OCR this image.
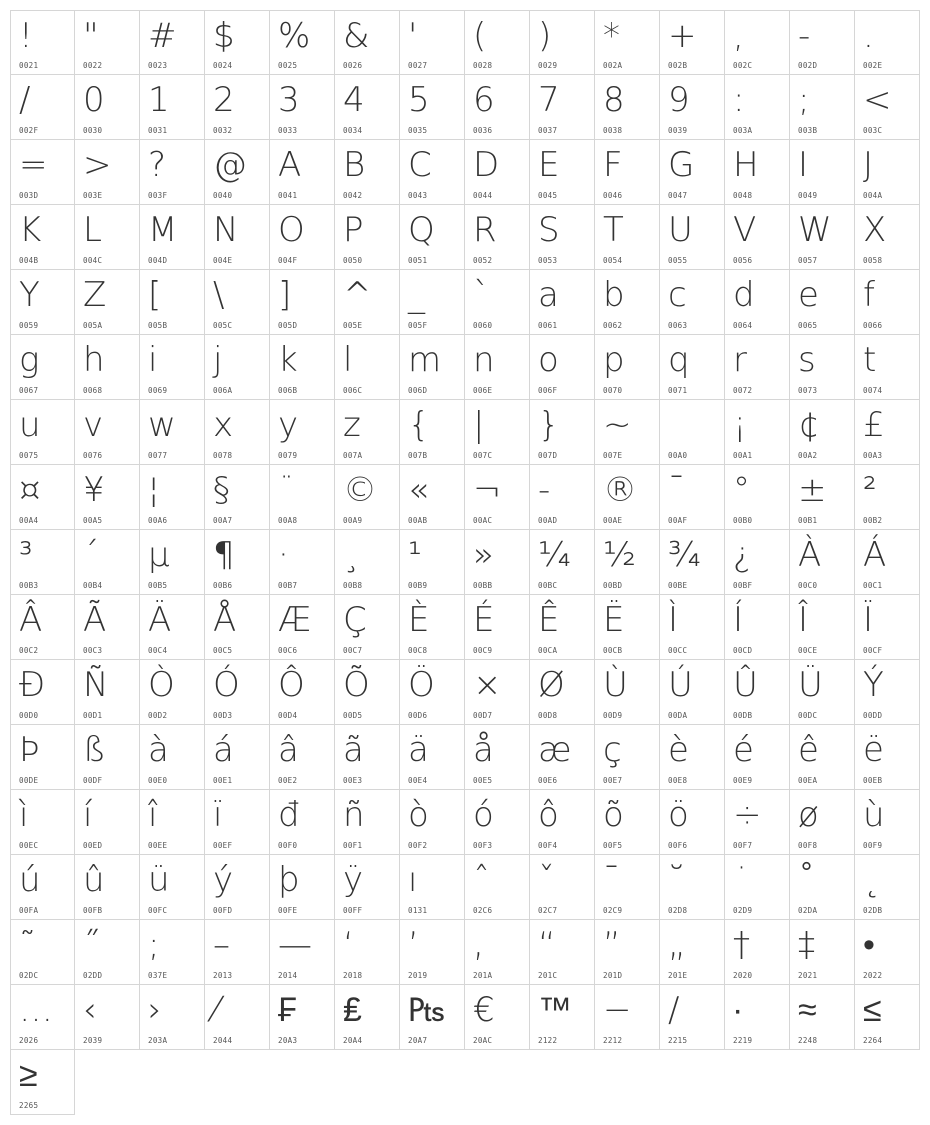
!
0021
"
0022
#
0023
$
0024
%
0025
&
0026
'
0027
(
0028
)
0029
*
002A
+
002B
,
002C
-
002D
.
002E
/
002F
0
0030
1
0031
2
0032
3
0033
4
0034
5
0035
6
0036
7
0037
8
0038
9
0039
:
003A
;
003B
<
003C
=
003D
>
003E
?
003F
@
0040
A
0041
B
0042
C
0043
D
0044
E
0045
F
0046
G
0047
H
0048
I
0049
J
004A
K
004B
L
004C
M
004D
N
004E
O
004F
P
0050
Q
0051
R
0052
S
0053
T
0054
U
0055
V
0056
W
0057
X
0058
Y
0059
Z
005A
[
005B
\
005C
]
005D
^
005E
_
005F
`
0060
a
0061
b
0062
c
0063
d
0064
e
0065
f
0066
g
0067
h
0068
i
0069
j
006A
k
006B
l
006C
m
006D
n
006E
o
006F
p
0070
q
0071
r
0072
s
0073
t
0074
u
0075
v
0076
w
0077
x
0078
y
0079
z
007A
{
007B
|
007C
}
007D
~
007E	00A0
¡
00A1
¢
00A2
£
00A3
¤
00A4
¥
00A5
¦
00A6
§
00A7
¨
00A8
©
00A9
«
00AB
¬
00AC
-
00AD
®
00AE
¯
00AF
°
00B0
±
00B1
²
00B2
³
00B3
´
00B4
µ
00B5
¶
00B6
·
00B7
¸
00B8
¹
00B9
»
00BB
¼
00BC
½
00BD
¾
00BE
¿
00BF
À
00C0
Á
00C1
Â
00C2
Ã
00C3
Ä
00C4
Å
00C5
Æ
00C6
Ç
00C7
È
00C8
É
00C9
Ê
00CA
Ë
00CB
Ì
00CC
Í
00CD
Î
00CE
Ï
00CF
Đ
00D0
Ñ
00D1
Ò
00D2
Ó
00D3
Ô
00D4
Õ
00D5
Ö
00D6
×
00D7
Ø
00D8
Ù
00D9
Ú
00DA
Û
00DB
Ü
00DC
Ý
00DD
Þ
00DE
ß
00DF
à
00E0
á
00E1
â
00E2
ã
00E3
ä
00E4
å
00E5
æ
00E6
ç
00E7
è
00E8
é
00E9
ê
00EA
ë
00EB
ì
00EC
í
00ED
î
00EE
ï
00EF
đ
00F0
ñ
00F1
ò
00F2
ó
00F3
ô
00F4
õ
00F5
ö
00F6
÷
00F7
ø
00F8
ù
00F9
ú
00FA
û
00FB
ü
00FC
ý
00FD
þ
00FE
ÿ
00FF
ı
0131
ˆ
02C6
ˇ
02C7
ˉ
02C9
˘
02D8
˙
02D9
˚
02DA
˛
02DB
˜
02DC
˝
02DD
;
037E
–
2013
—
2014
‘
2018
’
2019
‚
201A
“
201C
”
201D
„
201E
†
2020
‡
2021
•
2022
…
2026
‹
2039
›
203A
⁄
2044
₣
20A3
₤
20A4
₧
20A7
€
20AC
™
2122
−
2212
∕
2215
∙
2219
≈
2248
≤
2264
≥
2265
